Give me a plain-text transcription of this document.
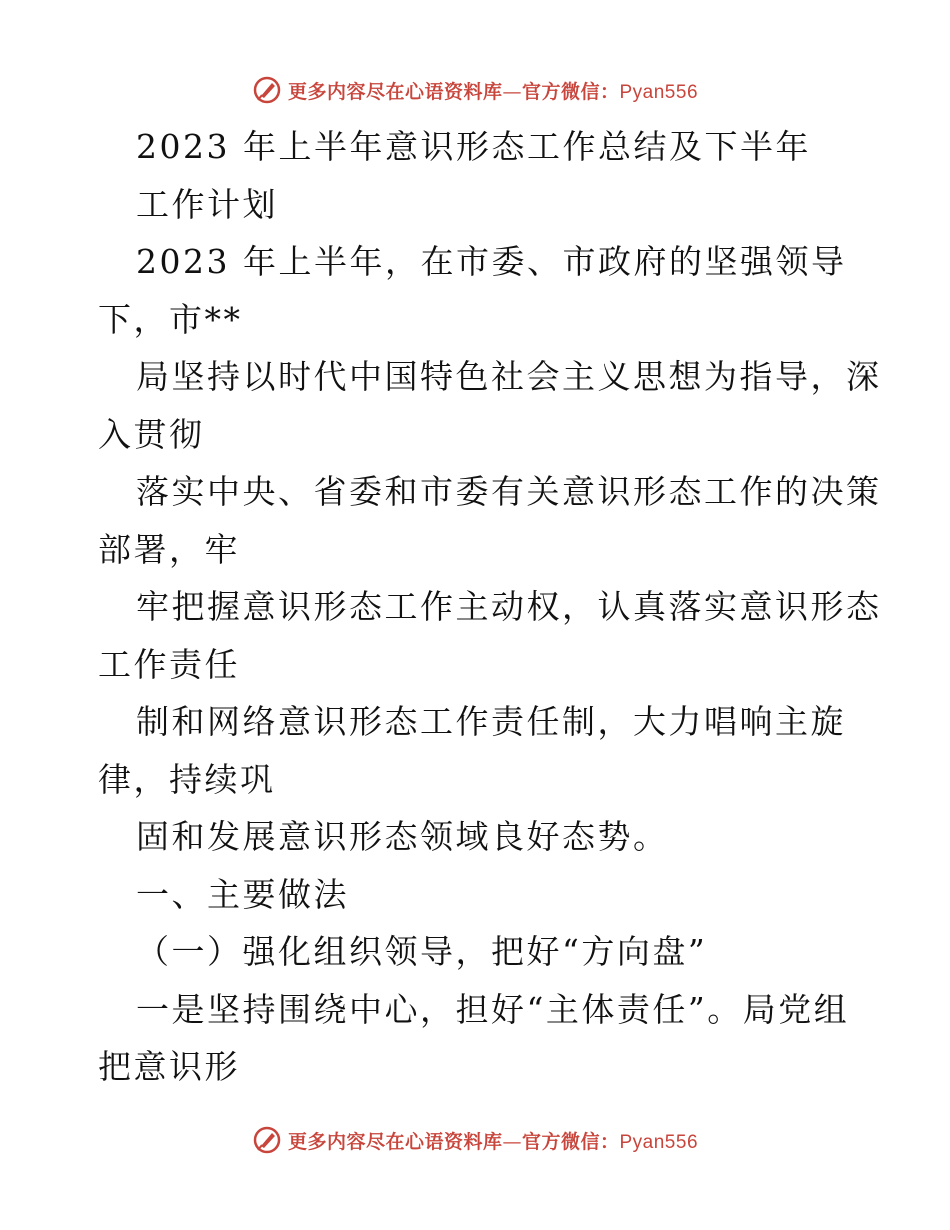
更多内容尽在心语资料库—官方微信：Pyan556
2023 年上半年意识形态工作总结及下半年
工作计划
2023 年上半年，在市委、市政府的坚强领导
下，市**
局坚持以时代中国特色社会主义思想为指导，深
入贯彻
落实中央、省委和市委有关意识形态工作的决策
部署，牢
牢把握意识形态工作主动权，认真落实意识形态
工作责任
制和网络意识形态工作责任制，大力唱响主旋
律，持续巩
固和发展意识形态领域良好态势。
一、主要做法
（一）强化组织领导，把好“方向盘”
一是坚持围绕中心，担好“主体责任”。局党组
把意识形
更多内容尽在心语资料库—官方微信：Pyan556
